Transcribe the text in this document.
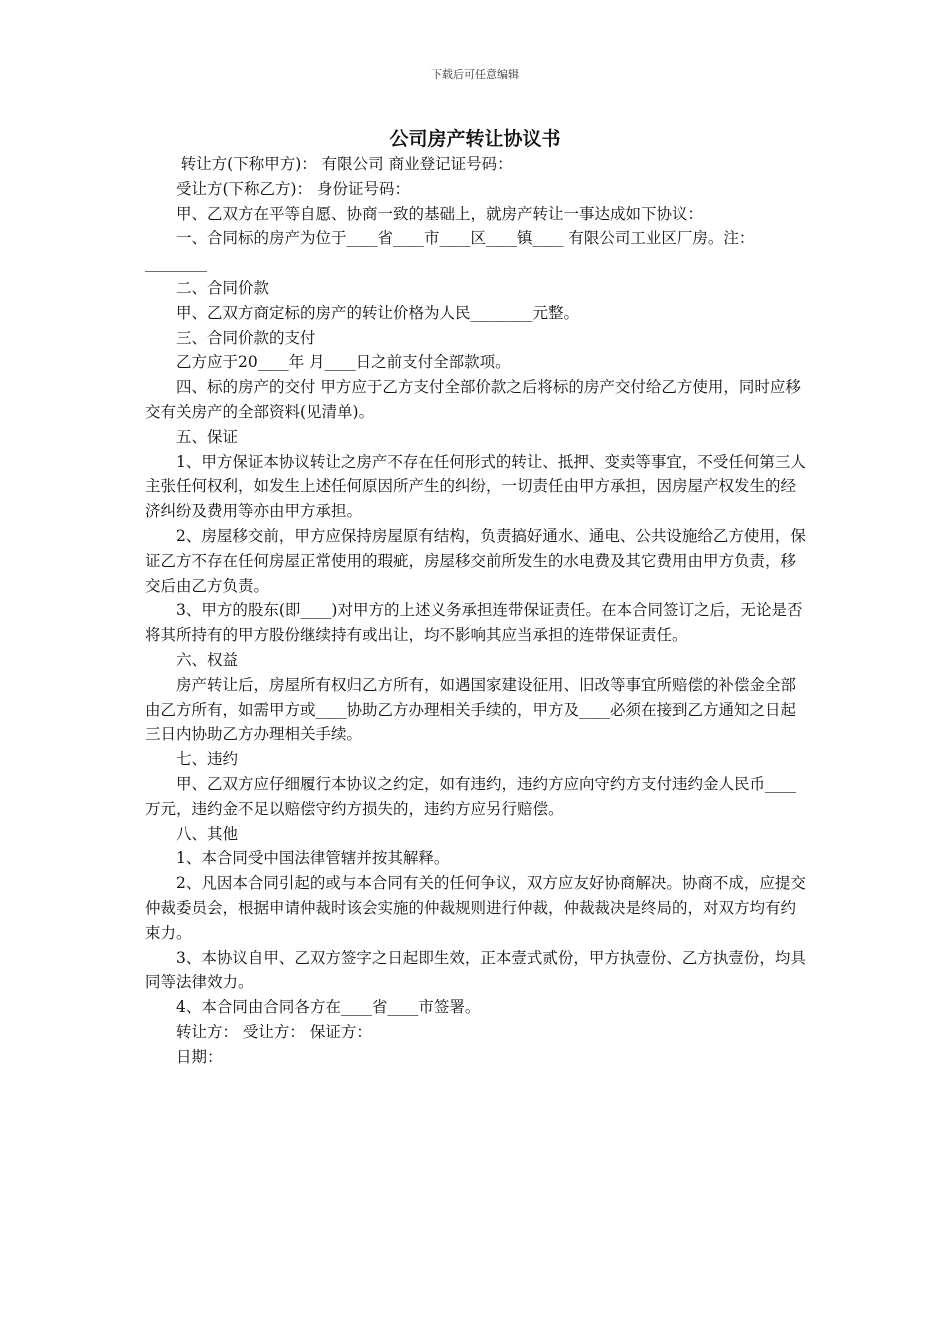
下载后可任意编辑
公司房产转让协议书

转让方(下称甲方)： 有限公司 商业登记证号码：

受让方(下称乙方)： 身份证号码：

甲、乙双方在平等自愿、协商一致的基础上，就房产转让一事达成如下协议：

一、合同标的房产为位于____省____市____区____镇____ 有限公司工业区厂房。注：________

二、合同价款

甲、乙双方商定标的房产的转让价格为人民________元整。

三、合同价款的支付

乙方应于20____年 月____日之前支付全部款项。

四、标的房产的交付 甲方应于乙方支付全部价款之后将标的房产交付给乙方使用，同时应移交有关房产的全部资料(见清单)。

五、保证

1、甲方保证本协议转让之房产不存在任何形式的转让、抵押、变卖等事宜，不受任何第三人主张任何权利，如发生上述任何原因所产生的纠纷，一切责任由甲方承担，因房屋产权发生的经济纠纷及费用等亦由甲方承担。

2、房屋移交前，甲方应保持房屋原有结构，负责搞好通水、通电、公共设施给乙方使用，保证乙方不存在任何房屋正常使用的瑕疵，房屋移交前所发生的水电费及其它费用由甲方负责，移交后由乙方负责。

3、甲方的股东(即____)对甲方的上述义务承担连带保证责任。在本合同签订之后，无论是否将其所持有的甲方股份继续持有或出让，均不影响其应当承担的连带保证责任。

六、权益

房产转让后，房屋所有权归乙方所有，如遇国家建设征用、旧改等事宜所赔偿的补偿金全部由乙方所有，如需甲方或____协助乙方办理相关手续的，甲方及____必须在接到乙方通知之日起三日内协助乙方办理相关手续。

七、违约

甲、乙双方应仔细履行本协议之约定，如有违约，违约方应向守约方支付违约金人民币____万元，违约金不足以赔偿守约方损失的，违约方应另行赔偿。

八、其他

1、本合同受中国法律管辖并按其解释。

2、凡因本合同引起的或与本合同有关的任何争议，双方应友好协商解决。协商不成，应提交 仲裁委员会，根据申请仲裁时该会实施的仲裁规则进行仲裁，仲裁裁决是终局的，对双方均有约束力。

3、本协议自甲、乙双方签字之日起即生效，正本壹式贰份，甲方执壹份、乙方执壹份，均具同等法律效力。

4、本合同由合同各方在____省____市签署。

转让方： 受让方： 保证方：

日期：
